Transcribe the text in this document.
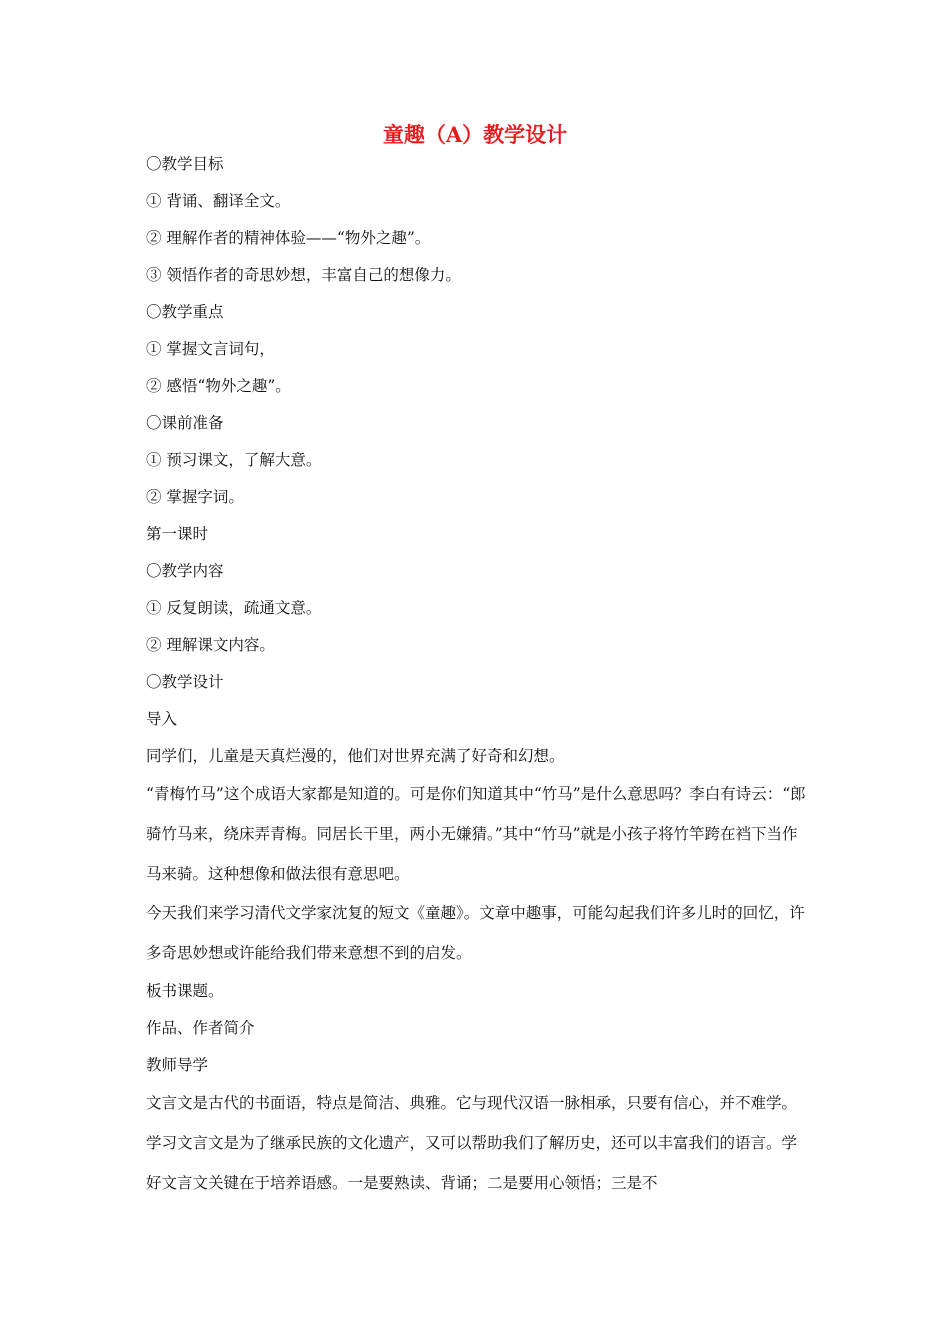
童趣（A）教学设计
〇教学目标
① 背诵、翻译全文。
② 理解作者的精神体验——“物外之趣”。
③ 领悟作者的奇思妙想，丰富自己的想像力。
〇教学重点
① 掌握文言词句，
② 感悟“物外之趣”。
〇课前准备
① 预习课文，了解大意。
② 掌握字词。
第一课时
〇教学内容
① 反复朗读，疏通文意。
② 理解课文内容。
〇教学设计
导入
同学们，儿童是天真烂漫的，他们对世界充满了好奇和幻想。

“青梅竹马”这个成语大家都是知道的。可是你们知道其中“竹马”是什么意思吗？李白有诗云：“郎骑竹马来，绕床弄青梅。同居长干里，两小无嫌猜。”其中“竹马”就是小孩子将竹竿跨在裆下当作马来骑。这种想像和做法很有意思吧。

今天我们来学习清代文学家沈复的短文《童趣》。文章中趣事，可能勾起我们许多儿时的回忆，许多奇思妙想或许能给我们带来意想不到的启发。

板书课题。
作品、作者简介
教师导学

文言文是古代的书面语，特点是简洁、典雅。它与现代汉语一脉相承，只要有信心，并不难学。学习文言文是为了继承民族的文化遗产，又可以帮助我们了解历史，还可以丰富我们的语言。学好文言文关键在于培养语感。一是要熟读、背诵；二是要用心领悟；三是不
